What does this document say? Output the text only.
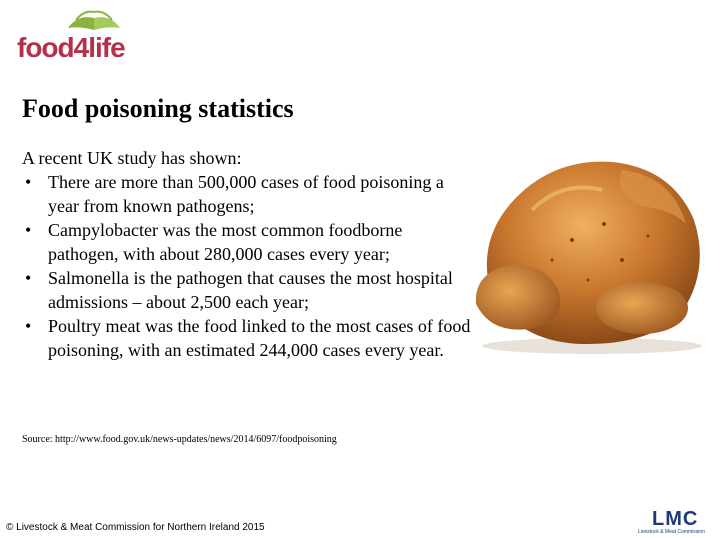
food4life
Food poisoning statistics

A recent UK study has shown:

• There are more than 500,000 cases of food poisoning a year from known pathogens;
• Campylobacter was the most common foodborne pathogen, with about 280,000 cases every year;
• Salmonella is the pathogen that causes the most hospital admissions – about 2,500 each year;
• Poultry meat was the food linked to the most cases of food poisoning, with an estimated 244,000 cases every year.
Source: http://www.food.gov.uk/news-updates/news/2014/6097/foodpoisoning
© Livestock & Meat Commission for Northern Ireland 2015	LMC
Livestock & Meat Commission
